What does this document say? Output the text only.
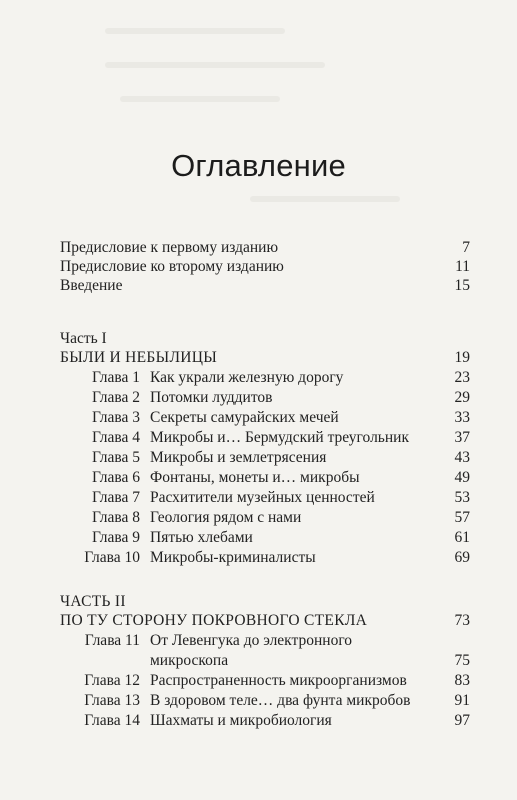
Оглавление
Предисловие к первому изданию	7
Предисловие ко второму изданию	11
Введение	15
Часть I
БЫЛИ И НЕБЫЛИЦЫ	19
Глава 1 Как украли железную дорогу	23
Глава 2 Потомки луддитов	29
Глава 3 Секреты самурайских мечей	33
Глава 4 Микробы и… Бермудский треугольник	37
Глава 5 Микробы и землетрясения	43
Глава 6 Фонтаны, монеты и… микробы	49
Глава 7 Расхитители музейных ценностей	53
Глава 8 Геология рядом с нами	57
Глава 9 Пятью хлебами	61
Глава 10 Микробы-криминалисты	69
ЧАСТЬ II
ПО ТУ СТОРОНУ ПОКРОВНОГО СТЕКЛА	73
Глава 11 От Левенгука до электронного
микроскопа	75
Глава 12 Распространенность микроорганизмов	83
Глава 13 В здоровом теле… два фунта микробов	91
Глава 14 Шахматы и микробиология	97
